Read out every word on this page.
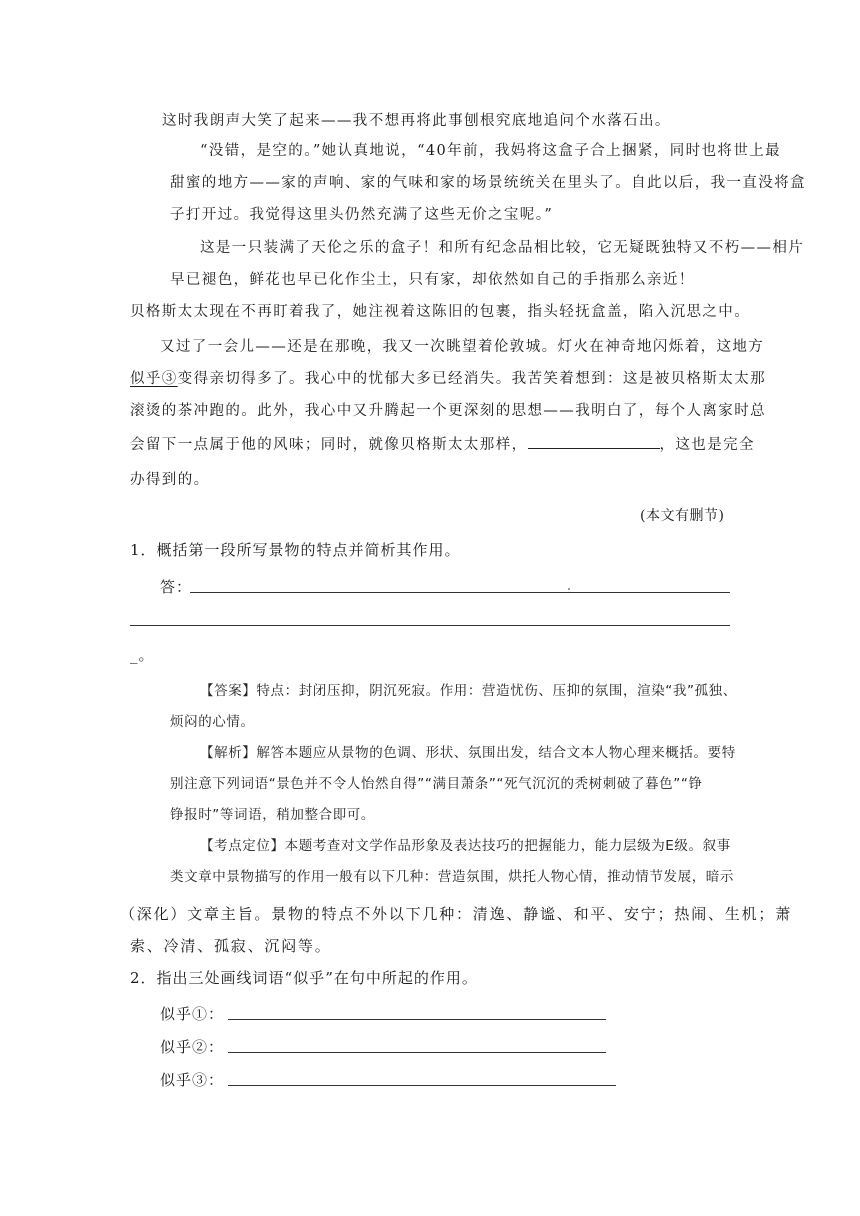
这时我朗声大笑了起来——我不想再将此事刨根究底地追问个水落石出。
“没错，是空的。”她认真地说，“40年前，我妈将这盒子合上捆紧，同时也将世上最
甜蜜的地方——家的声响、家的气味和家的场景统统关在里头了。自此以后，我一直没将盒
子打开过。我觉得这里头仍然充满了这些无价之宝呢。”
这是一只装满了天伦之乐的盒子！和所有纪念品相比较，它无疑既独特又不朽——相片
早已褪色，鲜花也早已化作尘土，只有家，却依然如自己的手指那么亲近！
贝格斯太太现在不再盯着我了，她注视着这陈旧的包裹，指头轻抚盒盖，陷入沉思之中。
又过了一会儿——还是在那晚，我又一次眺望着伦敦城。灯火在神奇地闪烁着，这地方
似乎③变得亲切得多了。我心中的忧郁大多已经消失。我苦笑着想到：这是被贝格斯太太那
滚烫的茶冲跑的。此外，我心中又升腾起一个更深刻的思想——我明白了，每个人离家时总
会留下一点属于他的风味；同时，就像贝格斯太太那样，	，这也是完全
办得到的。
(本文有删节)
1．概括第一段所写景物的特点并简析其作用。
答：
_。
【答案】特点：封闭压抑，阴沉死寂。作用：营造忧伤、压抑的氛围，渲染“我”孤独、
烦闷的心情。
【解析】解答本题应从景物的色调、形状、氛围出发，结合文本人物心理来概括。要特
别注意下列词语“景色并不令人怡然自得”“满目萧条”“死气沉沉的秃树刺破了暮色”“铮
铮报时”等词语，稍加整合即可。
【考点定位】本题考查对文学作品形象及表达技巧的把握能力，能力层级为E级。叙事
类文章中景物描写的作用一般有以下几种：营造氛围，烘托人物心情，推动情节发展，暗示
（深化）文章主旨。景物的特点不外以下几种：清逸、静谧、和平、安宁；热闹、生机；萧
索、冷清、孤寂、沉闷等。
2．指出三处画线词语“似乎”在句中所起的作用。
似乎①：
似乎②：
似乎③：
